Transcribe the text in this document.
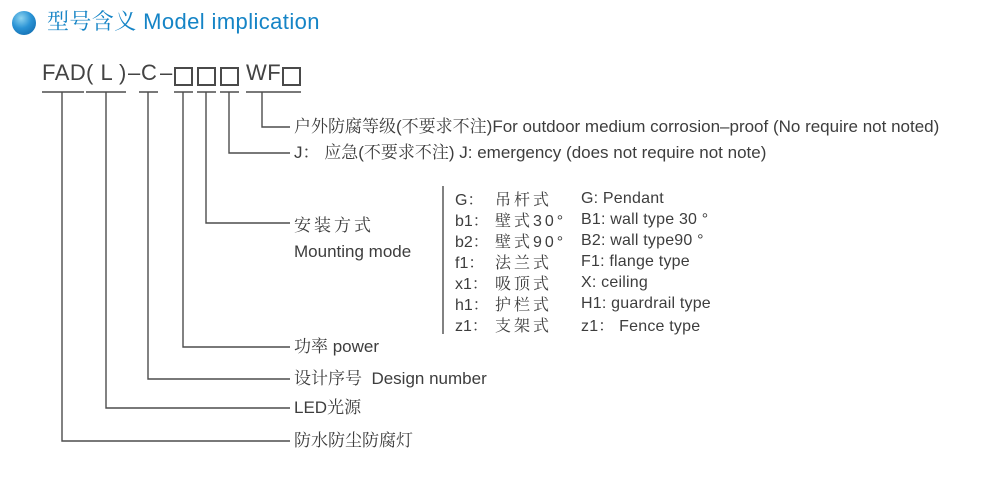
型号含义 Model implication
FAD ( L ) – C –	WF
户外防腐等级(不要求不注)For outdoor medium corrosion–proof (No require not noted)
J： 应急(不要求不注) J: emergency (does not require not note)
安装方式
Mounting mode
功率 power
设计序号  Design number
LED光源
防水防尘防腐灯
G： 吊杆式	G: Pendant
b1： 壁式30° B1: wall type 30 °
b2： 壁式90° B2: wall type90 °
f1： 法兰式	F1: flange type
x1： 吸顶式	X: ceiling
h1： 护栏式	H1: guardrail type
z1： 支架式	z1： Fence type
